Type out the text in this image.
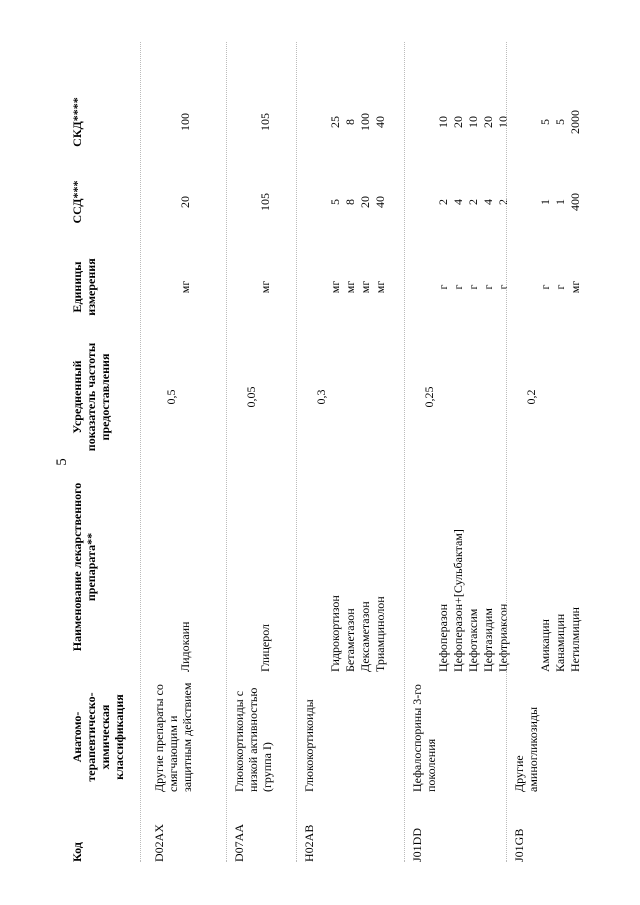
5
Код
Анатомо-терапевтическо-химическая классификация
Наименование лекарственного препарата**
Усредненный показатель частоты предоставления
Единицы измерения
ССД***
СКД****
D02AX
Другие препараты со смягчающим и защитным действием
0,5
Лидокаин
мг
20
100
D07AA
Глюкокортикоиды с низкой активностью (группа I)
0,05
Глицерол
мг
105
105
H02AB
Глюкокортикоиды
0,3
Гидрокортизон
мг
5
25
Бетаметазон
мг
8
8
Дексаметазон
мг
20
100
Триамцинолон
мг
40
40
J01DD
Цефалоспорины 3-го поколения
0,25
Цефоперазон
г
2
10
Цефоперазон+[Сульбактам]
г
4
20
Цефотаксим
г
2
10
Цефтазидим
г
4
20
Цефтриаксон
г
2
10
J01GB
Другие аминогликозиды
0,2
Амикацин
г
1
5
Канамицин
г
1
5
Нетилмицин
мг
400
2000
